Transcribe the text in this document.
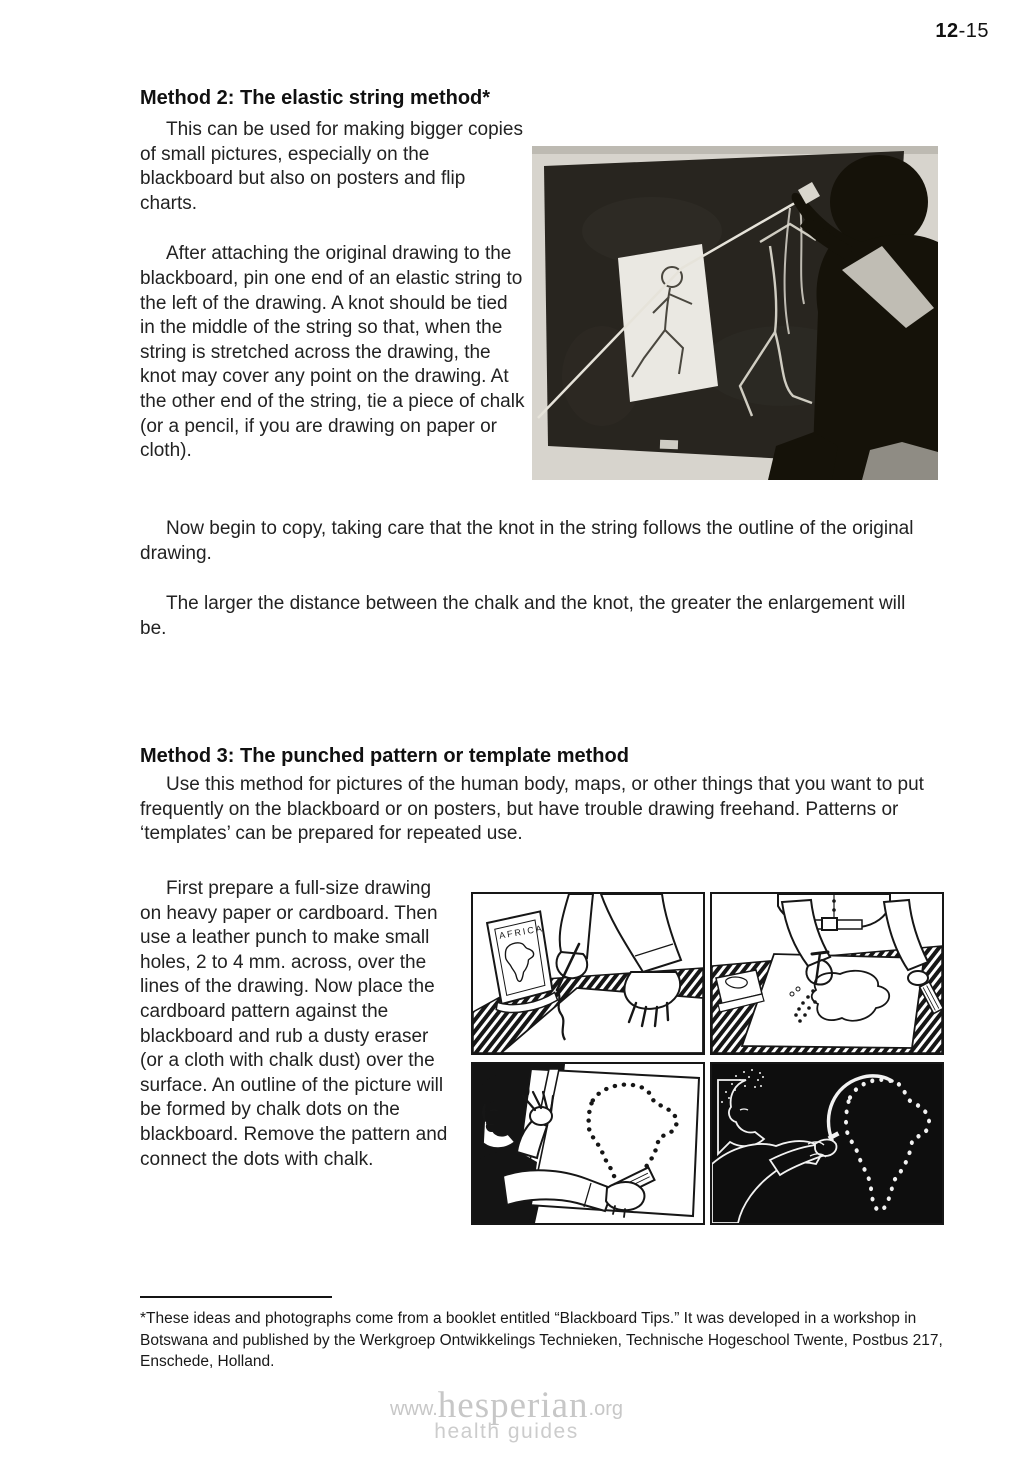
12-15
Method 2: The elastic string method*

This can be used for making bigger copies of small pictures, especially on the blackboard but also on posters and flip charts.

After attaching the original drawing to the blackboard, pin one end of an elastic string to the left of the drawing. A knot should be tied in the middle of the string so that, when the string is stretched across the drawing, the knot may cover any point on the drawing. At the other end of the string, tie a piece of chalk (or a pencil, if you are drawing on paper or cloth).

Now begin to copy, taking care that the knot in the string follows the outline of the original drawing.

The larger the distance between the chalk and the knot, the greater the enlargement will be.

Method 3: The punched pattern or template method

Use this method for pictures of the human body, maps, or other things that you want to put frequently on the blackboard or on posters, but have trouble drawing freehand. Patterns or ‘templates’ can be prepared for repeated use.

First prepare a full-size drawing on heavy paper or cardboard. Then use a leather punch to make small holes, 2 to 4 mm. across, over the lines of the drawing. Now place the cardboard pattern against the blackboard and rub a dusty eraser (or a cloth with chalk dust) over the surface. An outline of the picture will be formed by chalk dots on the blackboard. Remove the pattern and connect the dots with chalk.

AFRICA

*These ideas and photographs come from a booklet entitled “Blackboard Tips.” It was developed in a workshop in Botswana and published by the Werkgroep Ontwikkelings Technieken, Technische Hogeschool Twente, Postbus 217, Enschede, Holland.

www.hesperian.org
health guides
